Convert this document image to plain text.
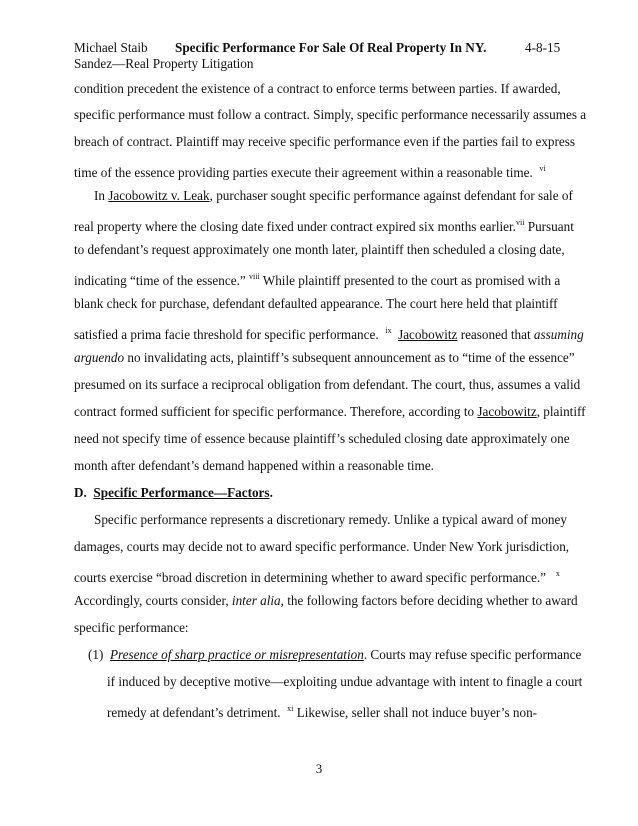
Michael Staib Specific Performance For Sale Of Real Property In NY.	4-8-15
Sandez—Real Property Litigation
condition precedent the existence of a contract to enforce terms between parties. If awarded,
specific performance must follow a contract. Simply, specific performance necessarily assumes a
breach of contract. Plaintiff may receive specific performance even if the parties fail to express
time of the essence providing parties execute their agreement within a reasonable time. $^{vi}$
In Jacobowitz v. Leak, purchaser sought specific performance against defendant for sale of
real property where the closing date fixed under contract expired six months earlier.$^{vii}$ Pursuant
to defendant’s request approximately one month later, plaintiff then scheduled a closing date,
indicating “time of the essence.” $^{viii}$ While plaintiff presented to the court as promised with a
blank check for purchase, defendant defaulted appearance. The court here held that plaintiff
satisfied a prima facie threshold for specific performance. $^{ix}$ Jacobowitz reasoned that assuming
arguendo no invalidating acts, plaintiff’s subsequent announcement as to “time of the essence”
presumed on its surface a reciprocal obligation from defendant. The court, thus, assumes a valid
contract formed sufficient for specific performance. Therefore, according to Jacobowitz, plaintiff
need not specify time of essence because plaintiff’s scheduled closing date approximately one
month after defendant’s demand happened within a reasonable time.
D. Specific Performance—Factors.
Specific performance represents a discretionary remedy. Unlike a typical award of money
damages, courts may decide not to award specific performance. Under New York jurisdiction,
courts exercise “broad discretion in determining whether to award specific performance.” $^x$
Accordingly, courts consider, inter alia, the following factors before deciding whether to award
specific performance:
(1) Presence of sharp practice or misrepresentation. Courts may refuse specific performance
if induced by deceptive motive—exploiting undue advantage with intent to finagle a court
remedy at defendant’s detriment. $^{xi}$ Likewise, seller shall not induce buyer’s non-
3
